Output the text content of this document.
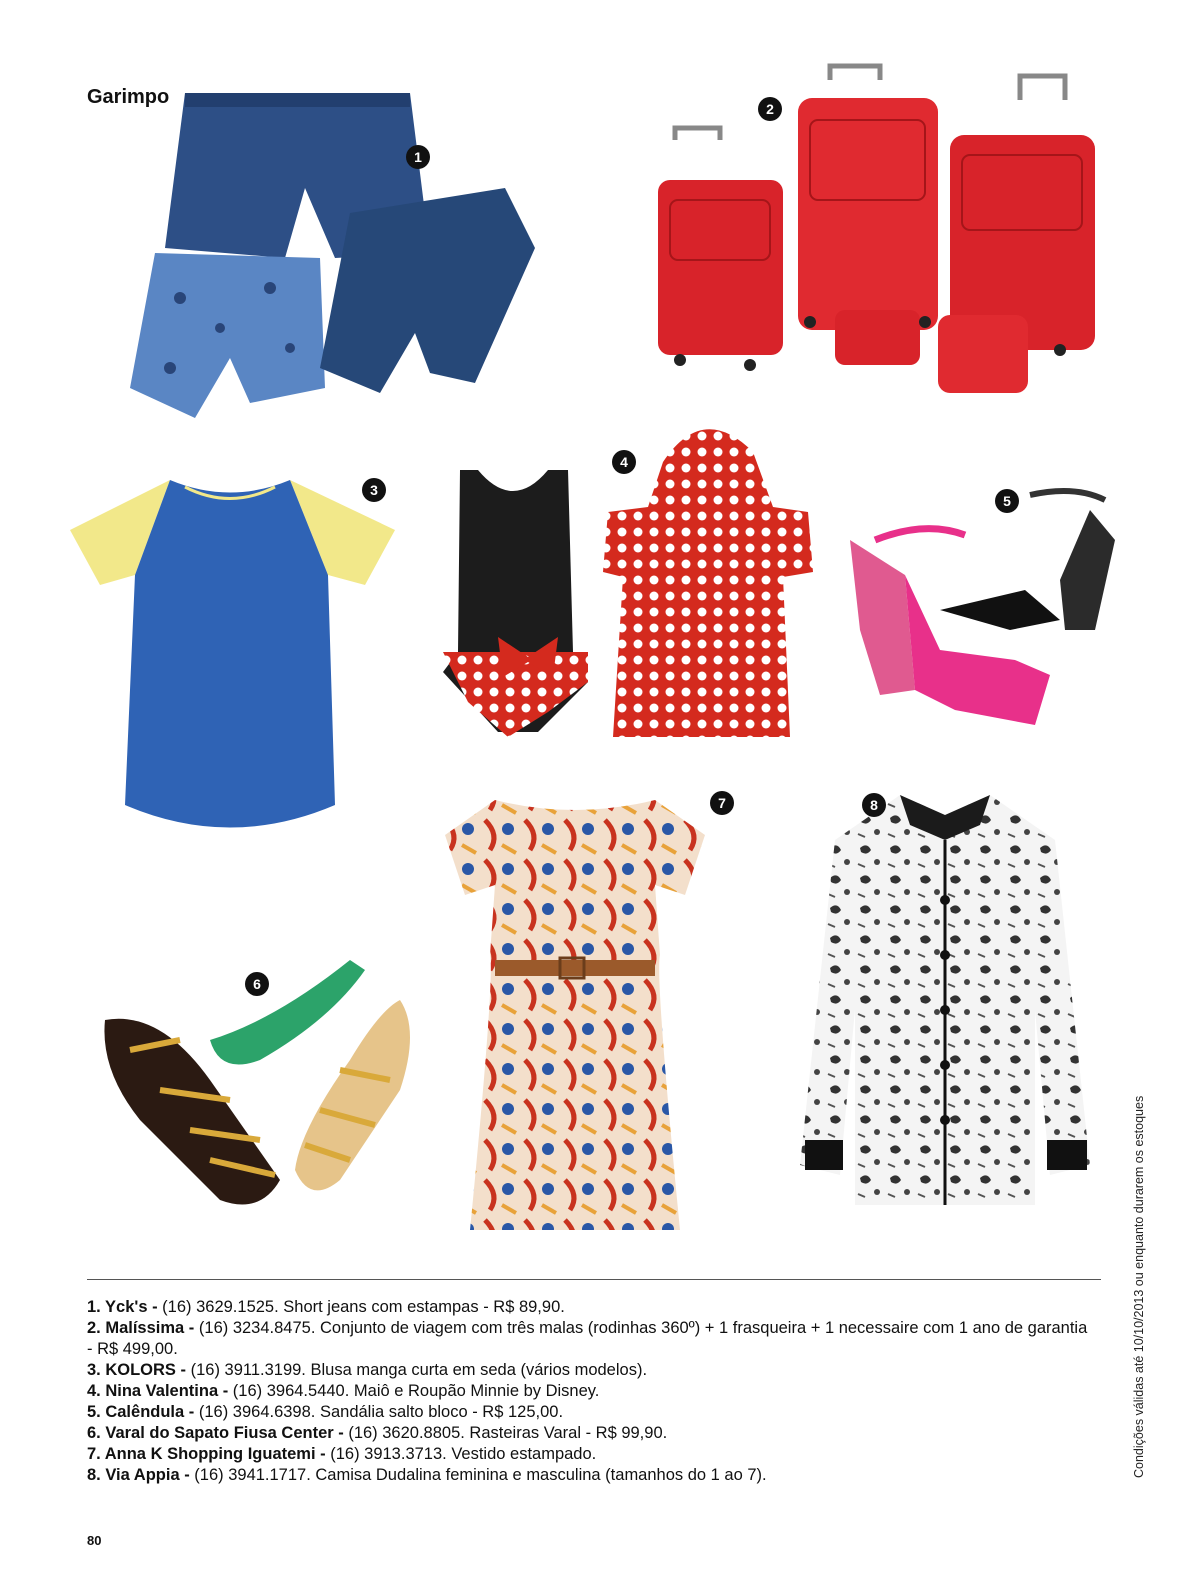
Garimpo
1
2
3
4
5
6
7	8
1. Yck's - (16) 3629.1525. Short jeans com estampas - R$ 89,90.
2. Malíssima - (16) 3234.8475. Conjunto de viagem com três malas (rodinhas 360º) + 1 frasqueira + 1 necessaire com 1 ano de garantia - R$ 499,00.
3. KOLORS - (16) 3911.3199. Blusa manga curta em seda (vários modelos).
4. Nina Valentina - (16) 3964.5440. Maiô e Roupão Minnie by Disney.
5. Calêndula - (16) 3964.6398. Sandália salto bloco - R$ 125,00.
6. Varal do Sapato Fiusa Center - (16) 3620.8805. Rasteiras Varal - R$ 99,90.
7. Anna K Shopping Iguatemi - (16) 3913.3713. Vestido estampado.
8. Via Appia - (16) 3941.1717. Camisa Dudalina feminina e masculina (tamanhos do 1 ao 7).
80
Condições válidas até 10/10/2013 ou enquanto durarem os estoques
